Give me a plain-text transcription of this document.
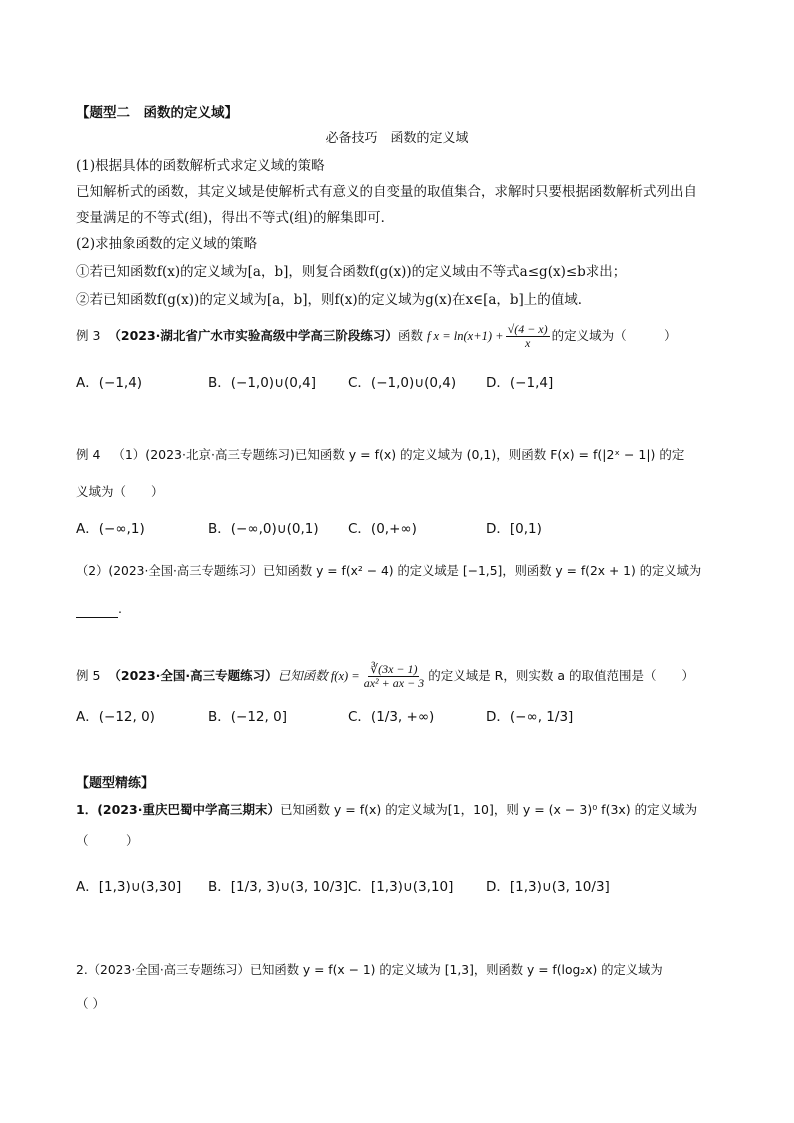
【题型二　函数的定义域】
必备技巧　函数的定义域
(1)根据具体的函数解析式求定义域的策略
已知解析式的函数，其定义域是使解析式有意义的自变量的取值集合，求解时只要根据函数解析式列出自
变量满足的不等式(组)，得出不等式(组)的解集即可．
(2)求抽象函数的定义域的策略
①若已知函数f(x)的定义域为[a，b]，则复合函数f(g(x))的定义域由不等式a≤g(x)≤b求出；
②若已知函数f(g(x))的定义域为[a，b]，则f(x)的定义域为g(x)在x∈[a，b]上的值域．
例 3
（2023·湖北省广水市实验高级中学高三阶段练习） 函数
f $x = \ln(x+1) + \frac{√(4 - x)}{x}$ 的定义域为（　　　）
A．(−1,4)	B．(−1,0)∪(0,4] C．(−1,0)∪(0,4) D．(−1,4]
例 4 （1）(2023·北京·高三专题练习)已知函数 y = f(x) 的定义域为 (0,1)，则函数 F(x) = f(|2ˣ − 1|) 的定
义域为（　　）
A．(−∞,1)	B．(−∞,0)∪(0,1) C．(0,+∞)	D．[0,1)
（2）(2023·全国·高三专题练习）已知函数 y = f(x² − 4) 的定义域是 [−1,5]，则函数 y = f(2x + 1) 的定义域为
.
例 5
（2023·全国·高三专题练习） 已知函数 $f(x) = \frac{∛(3x - 1)}{\text{ax² + ax − 3}}$ 的定义域是 R，则实数 a 的取值范围是（　　）
A．(−12, 0)	B．(−12, 0]	C．(1/3, +∞)	D．(−∞, 1/3]
【题型精练】
1．(2023·重庆巴蜀中学高三期末）已知函数 y = f(x) 的定义域为[1，10]，则 y = (x − 3)⁰ f(3x) 的定义域为
（　　　）
A．[1,3)∪(3,30] B．[1/3, 3)∪(3, 10/3] C．[1,3)∪(3,10] D．[1,3)∪(3, 10/3]
2.（2023·全国·高三专题练习）已知函数 y = f(x − 1) 的定义域为 [1,3]，则函数 y = f(log₂x) 的定义域为
（ ）
